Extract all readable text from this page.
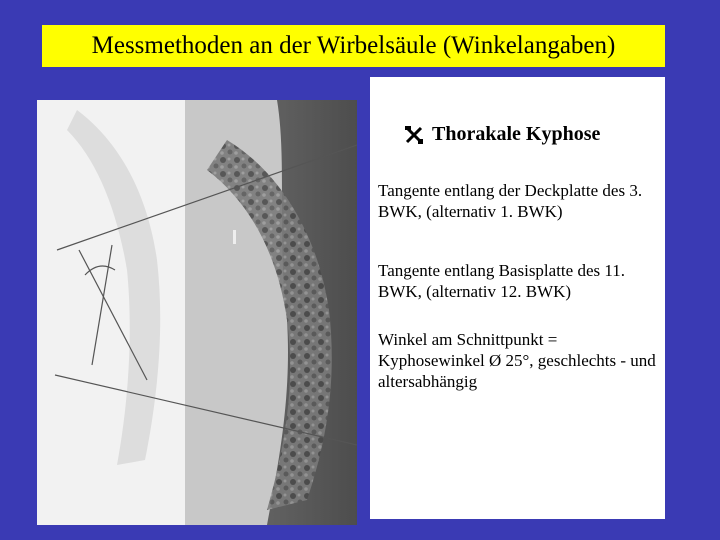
Messmethoden an der Wirbelsäule (Winkelangaben)
Thorakale Kyphose
Tangente entlang der Deckplatte des 3. BWK, (alternativ 1. BWK)
Tangente entlang Basisplatte des 11. BWK, (alternativ 12. BWK)
Winkel am Schnittpunkt = Kyphosewinkel Ø 25°, geschlechts - und altersabhängig
